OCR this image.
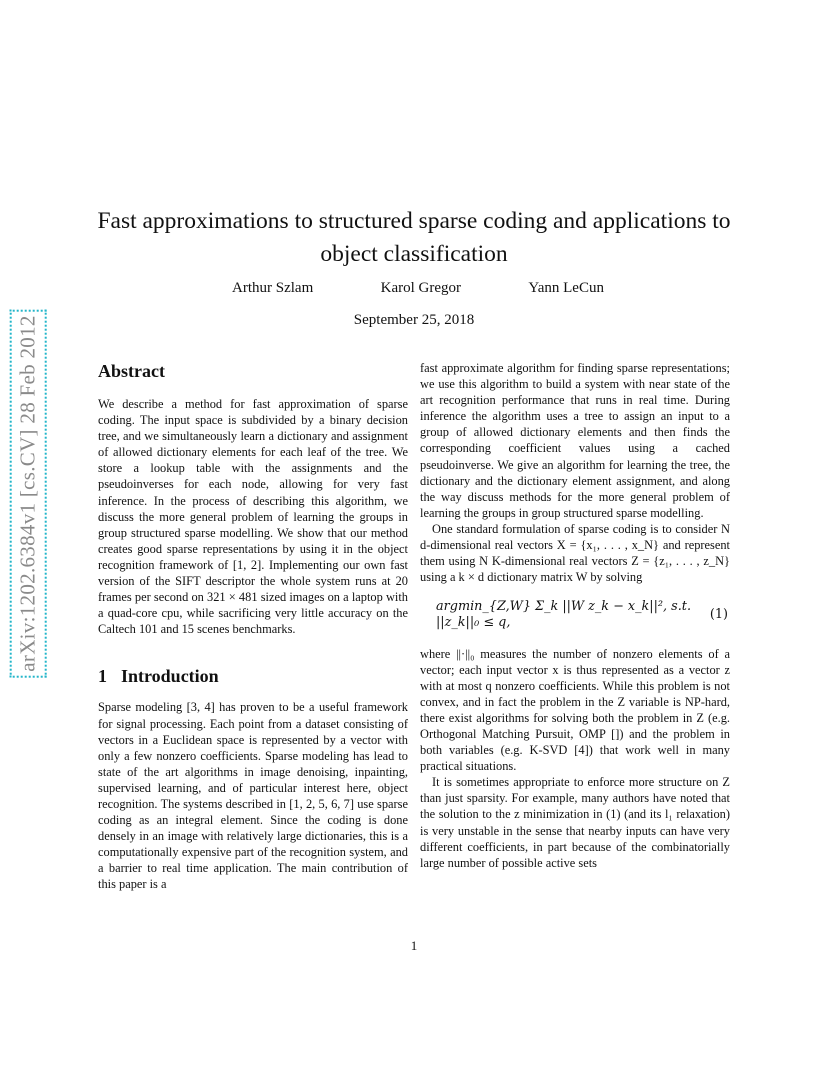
arXiv:1202.6384v1 [cs.CV] 28 Feb 2012
Fast approximations to structured sparse coding and applications to object classification
Arthur Szlam	Karol Gregor	Yann LeCun
September 25, 2018
Abstract

We describe a method for fast approximation of sparse coding. The input space is subdivided by a binary decision tree, and we simultaneously learn a dictionary and assignment of allowed dictionary elements for each leaf of the tree. We store a lookup table with the assignments and the pseudoinverses for each node, allowing for very fast inference. In the process of describing this algorithm, we discuss the more general problem of learning the groups in group structured sparse modelling. We show that our method creates good sparse representations by using it in the object recognition framework of [1, 2]. Implementing our own fast version of the SIFT descriptor the whole system runs at 20 frames per second on 321 × 481 sized images on a laptop with a quad-core cpu, while sacrificing very little accuracy on the Caltech 101 and 15 scenes benchmarks.

1 Introduction

Sparse modeling [3, 4] has proven to be a useful framework for signal processing. Each point from a dataset consisting of vectors in a Euclidean space is represented by a vector with only a few nonzero coefficients. Sparse modeling has lead to state of the art algorithms in image denoising, inpainting, supervised learning, and of particular interest here, object recognition. The systems described in [1, 2, 5, 6, 7] use sparse coding as an integral element. Since the coding is done densely in an image with relatively large dictionaries, this is a computationally expensive part of the recognition system, and a barrier to real time application. The main contribution of this paper is a

fast approximate algorithm for finding sparse representations; we use this algorithm to build a system with near state of the art recognition performance that runs in real time. During inference the algorithm uses a tree to assign an input to a group of allowed dictionary elements and then finds the corresponding coefficient values using a cached pseudoinverse. We give an algorithm for learning the tree, the dictionary and the dictionary element assignment, and along the way discuss methods for the more general problem of learning the groups in group structured sparse modelling.

One standard formulation of sparse coding is to consider N d-dimensional real vectors X = {x₁, . . . , x_N} and represent them using N K-dimensional real vectors Z = {z₁, . . . , z_N} using a k × d dictionary matrix W by solving

argmin_{Z,W} Σ_k ||W z_k − x_k||², s.t. ||z_k||₀ ≤ q,
(1)

where ||·||₀ measures the number of nonzero elements of a vector; each input vector x is thus represented as a vector z with at most q nonzero coefficients. While this problem is not convex, and in fact the problem in the Z variable is NP-hard, there exist algorithms for solving both the problem in Z (e.g. Orthogonal Matching Pursuit, OMP []) and the problem in both variables (e.g. K-SVD [4]) that work well in many practical situations.

It is sometimes appropriate to enforce more structure on Z than just sparsity. For example, many authors have noted that the solution to the z minimization in (1) (and its l₁ relaxation) is very unstable in the sense that nearby inputs can have very different coefficients, in part because of the combinatorially large number of possible active sets

1
